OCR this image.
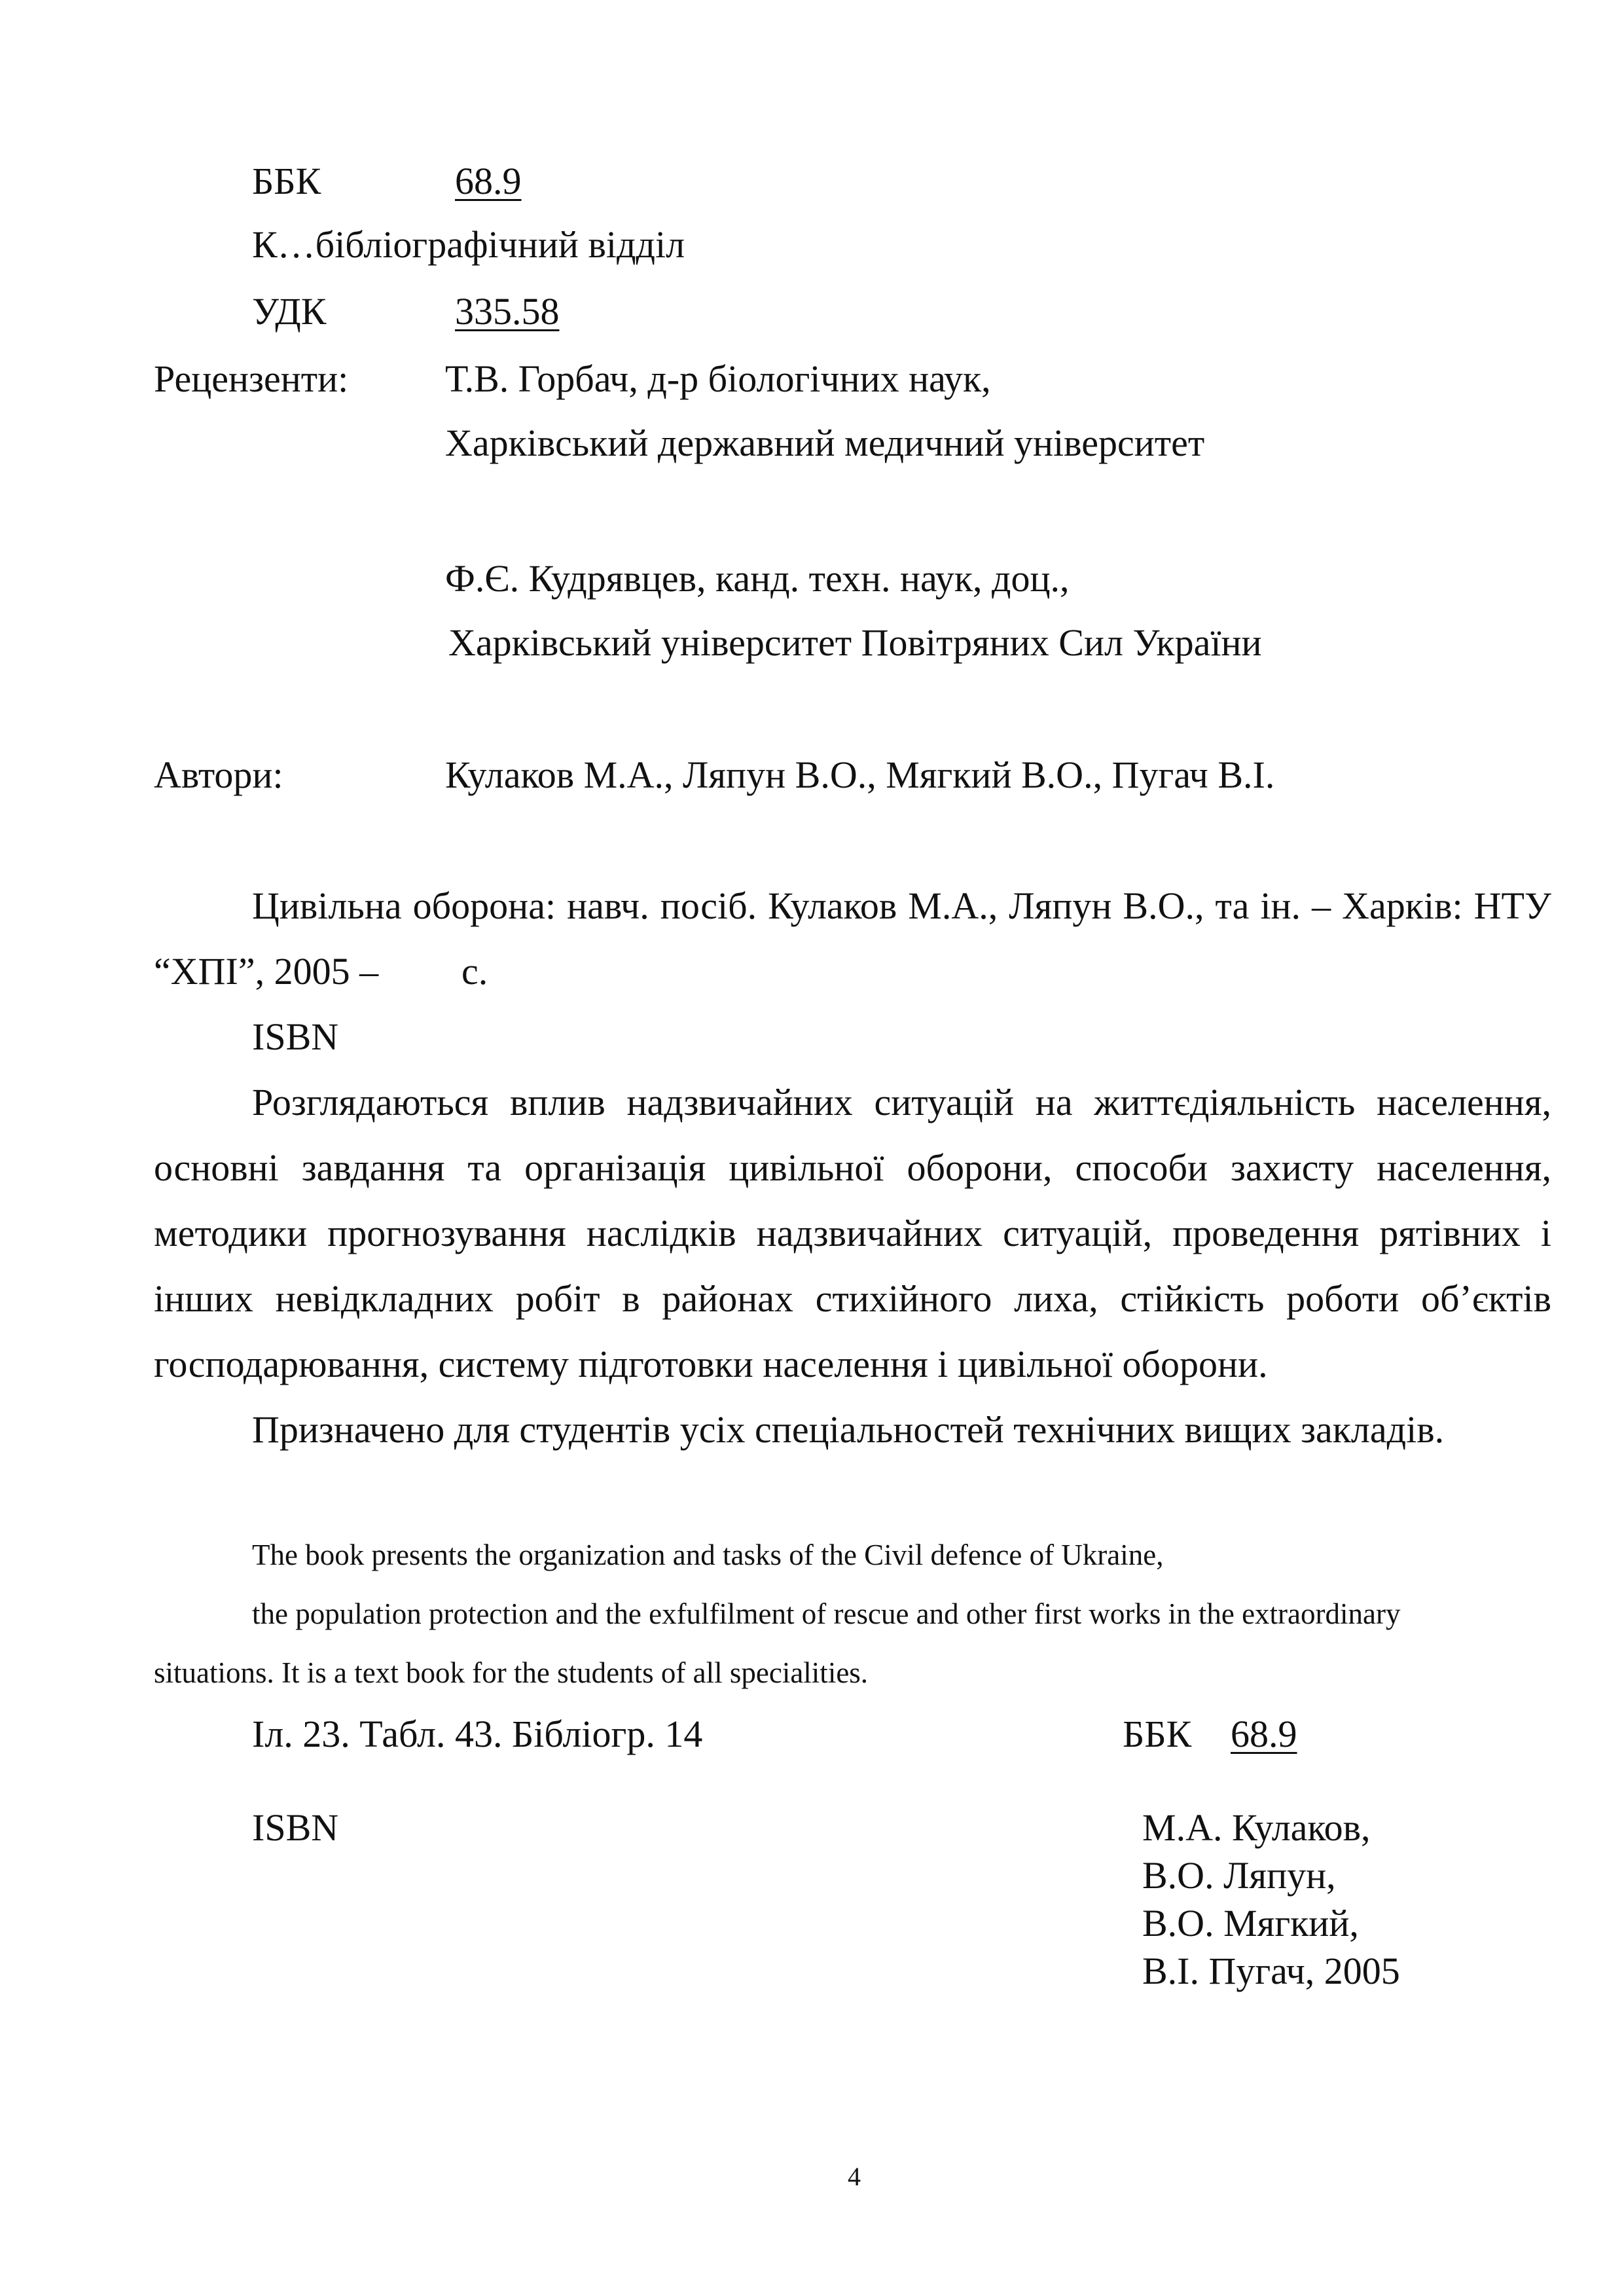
ББК	68.9
К…бібліографічний відділ
УДК	335.58
Рецензенти:	Т.В. Горбач, д-р біологічних наук,
Харківський державний медичний університет
Ф.Є. Кудрявцев, канд. техн. наук, доц.,
Харківський університет Повітряних Сил України
Автори:	Кулаков М.А., Ляпун В.О., Мягкий В.О., Пугач В.І.
Цивільна оборона: навч. посіб. Кулаков М.А., Ляпун В.О., та ін. – Харків: НТУ
“ХПІ”, 2005 – с.
ISBN
Розглядаються вплив надзвичайних ситуацій на життєдіяльність населення,
основні завдання та організація цивільної оборони, способи захисту населення,
методики прогнозування наслідків надзвичайних ситуацій, проведення рятівних і
інших невідкладних робіт в районах стихійного лиха, стійкість роботи об’єктів
господарювання, систему підготовки населення і цивільної оборони.
Призначено для студентів усіх спеціальностей технічних вищих закладів.
The book presents the organization and tasks of the Civil defence of Ukraine,
the population protection and the exfulfilment of rescue and other first works in the extraordinary
situations. It is a text book for the students of all specialities.
Іл. 23. Табл. 43. Бібліогр. 14	ББК 68.9
ISBN	М.А. Кулаков,
В.О. Ляпун,
В.О. Мягкий,
В.І. Пугач, 2005
4
